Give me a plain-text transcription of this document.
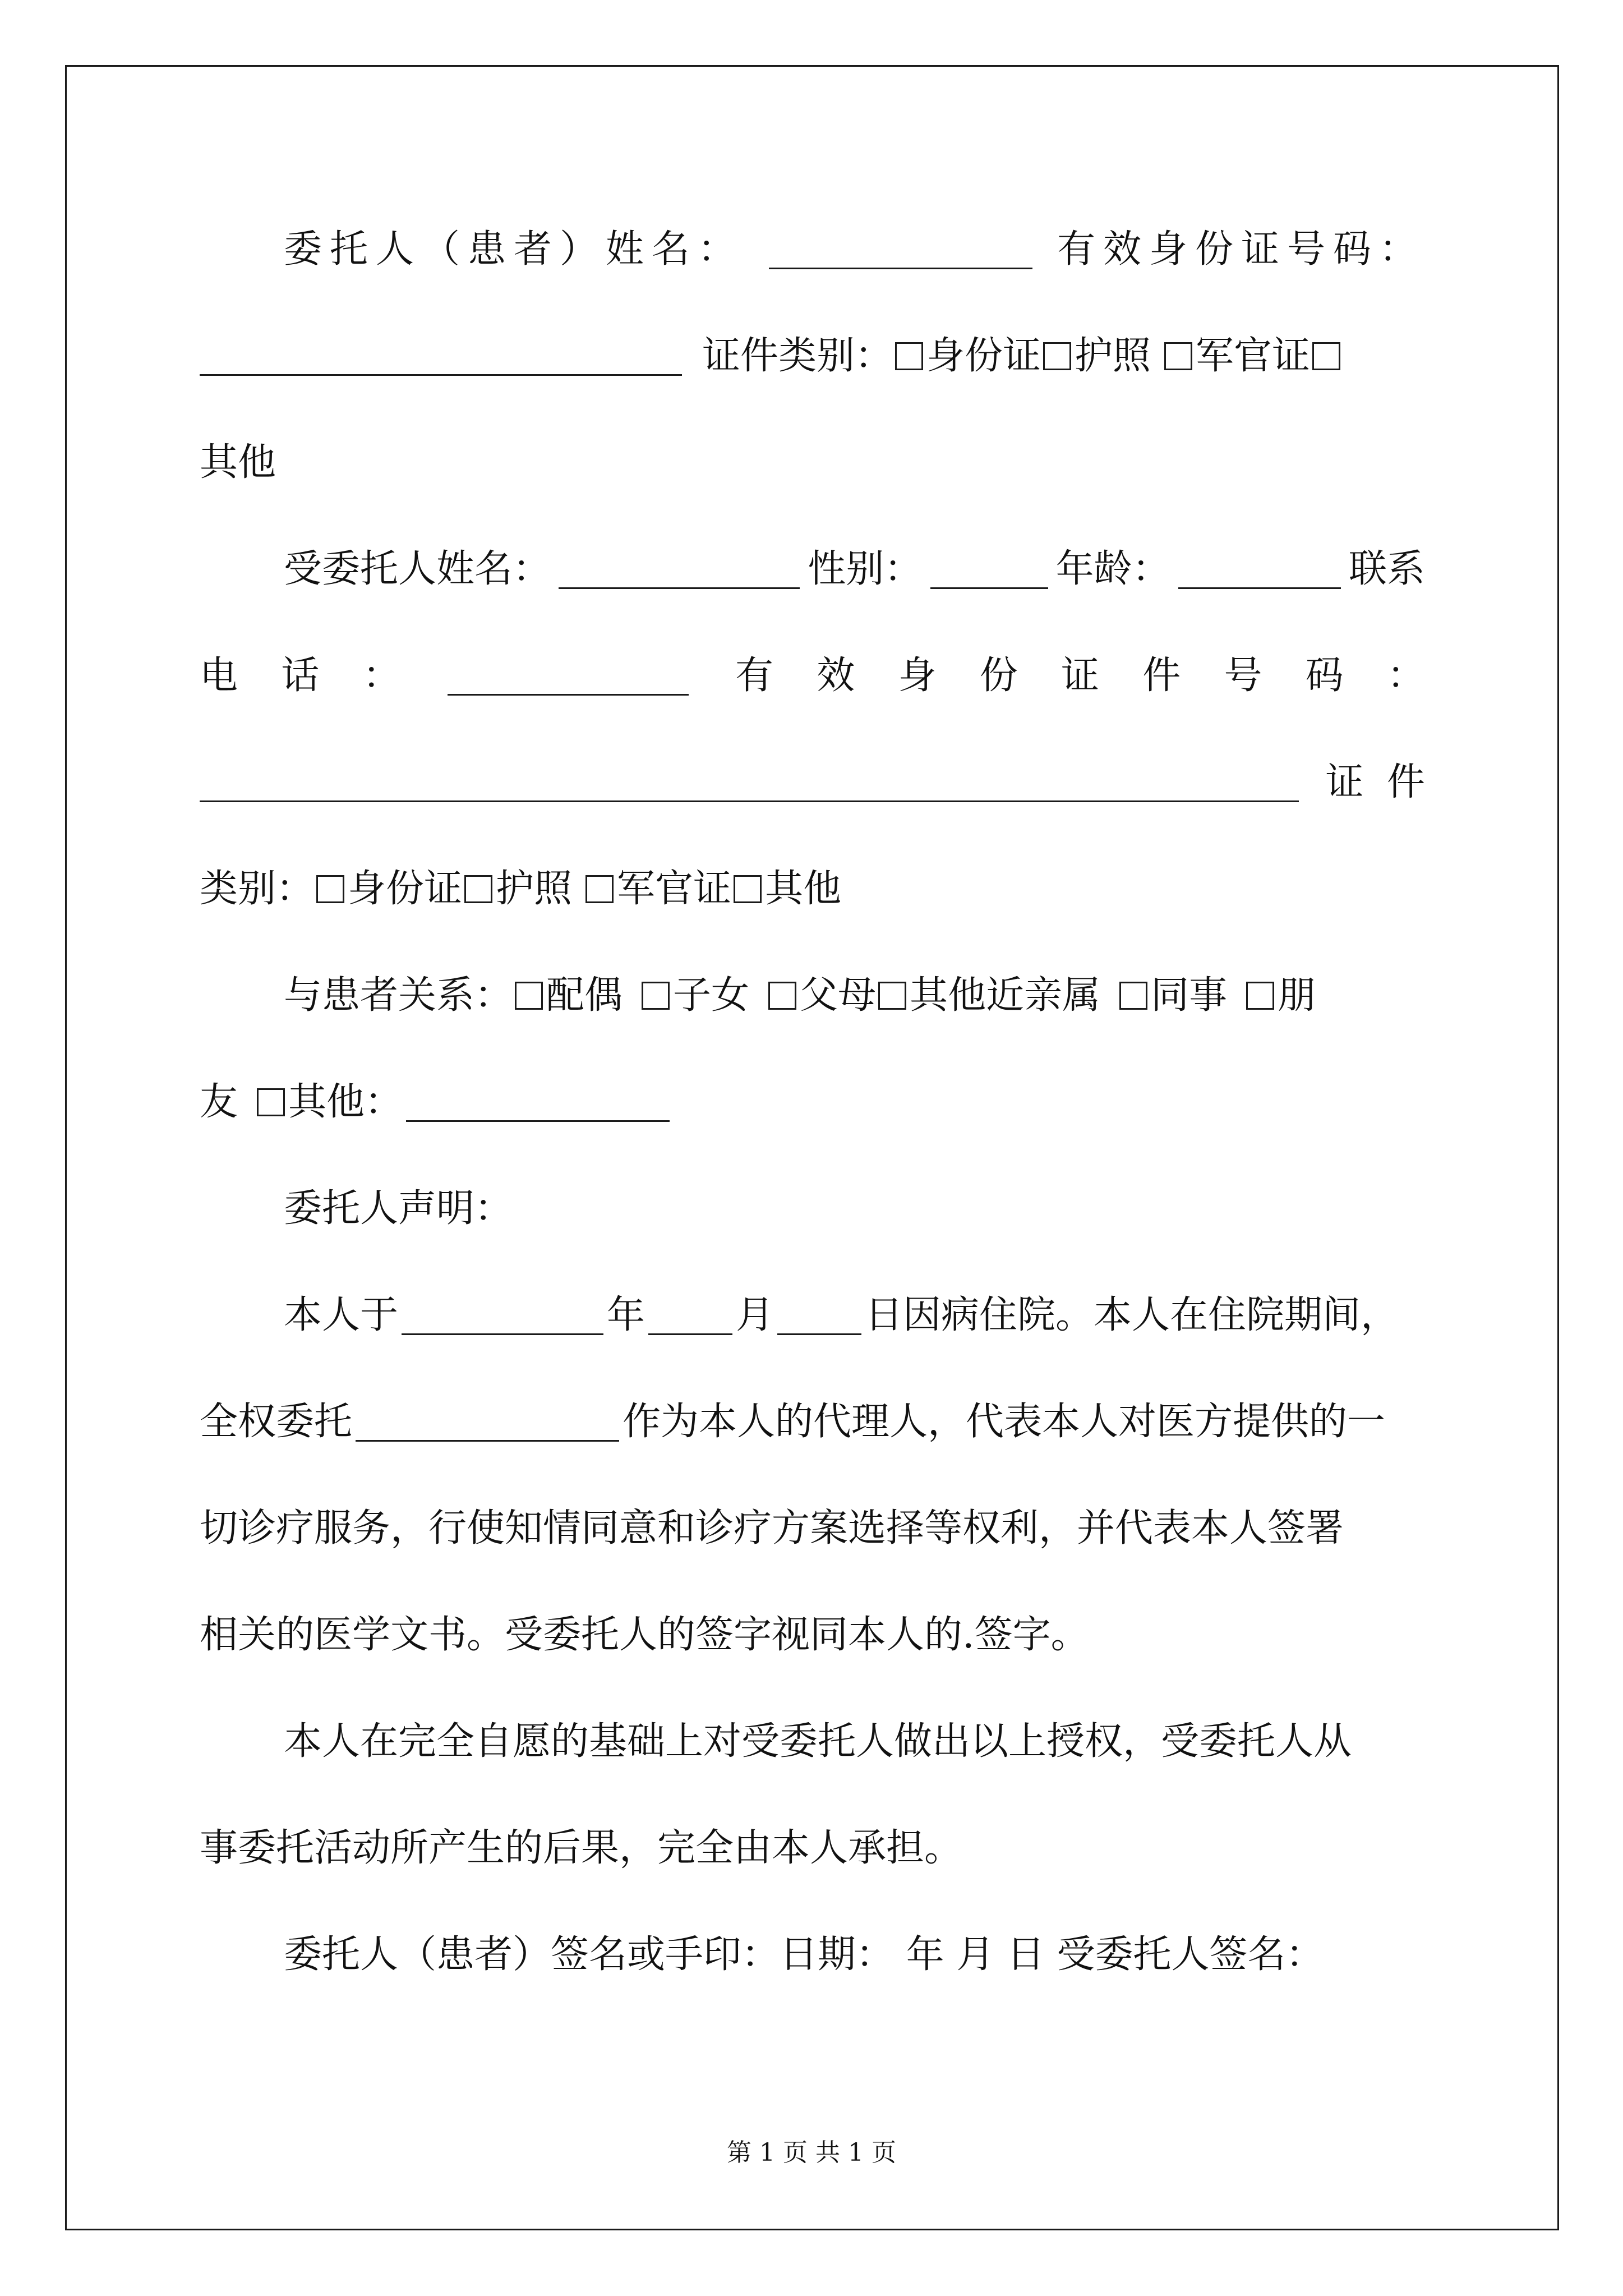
委托人（患者）姓名：	有效身份证号码：
证件类别： 身份证 护照 军官证
其他
受委托人姓名：	性别：	年龄：	联系
电 话 ：	有 效 身 份 证 件 号 码 ：
证 件
类别： 身份证 护照 军官证 其他
与患者关系： 配偶 子女 父母 其他近亲属 同事 朋
友 其他：
委托人声明：
本人于	年 月 日因病住院。本人在住院期间，
全权委托	作为本人的代理人，代表本人对医方提供的一
切诊疗服务，行使知情同意和诊疗方案选择等权利，并代表本人签署
相关的医学文书。受委托人的签字视同本人的.签字。
本人在完全自愿的基础上对受委托人做出以上授权，受委托人从
事委托活动所产生的后果，完全由本人承担。
委托人（患者）签名或手印：日期： 年 月 日 受委托人签名：
第 1 页 共 1 页
